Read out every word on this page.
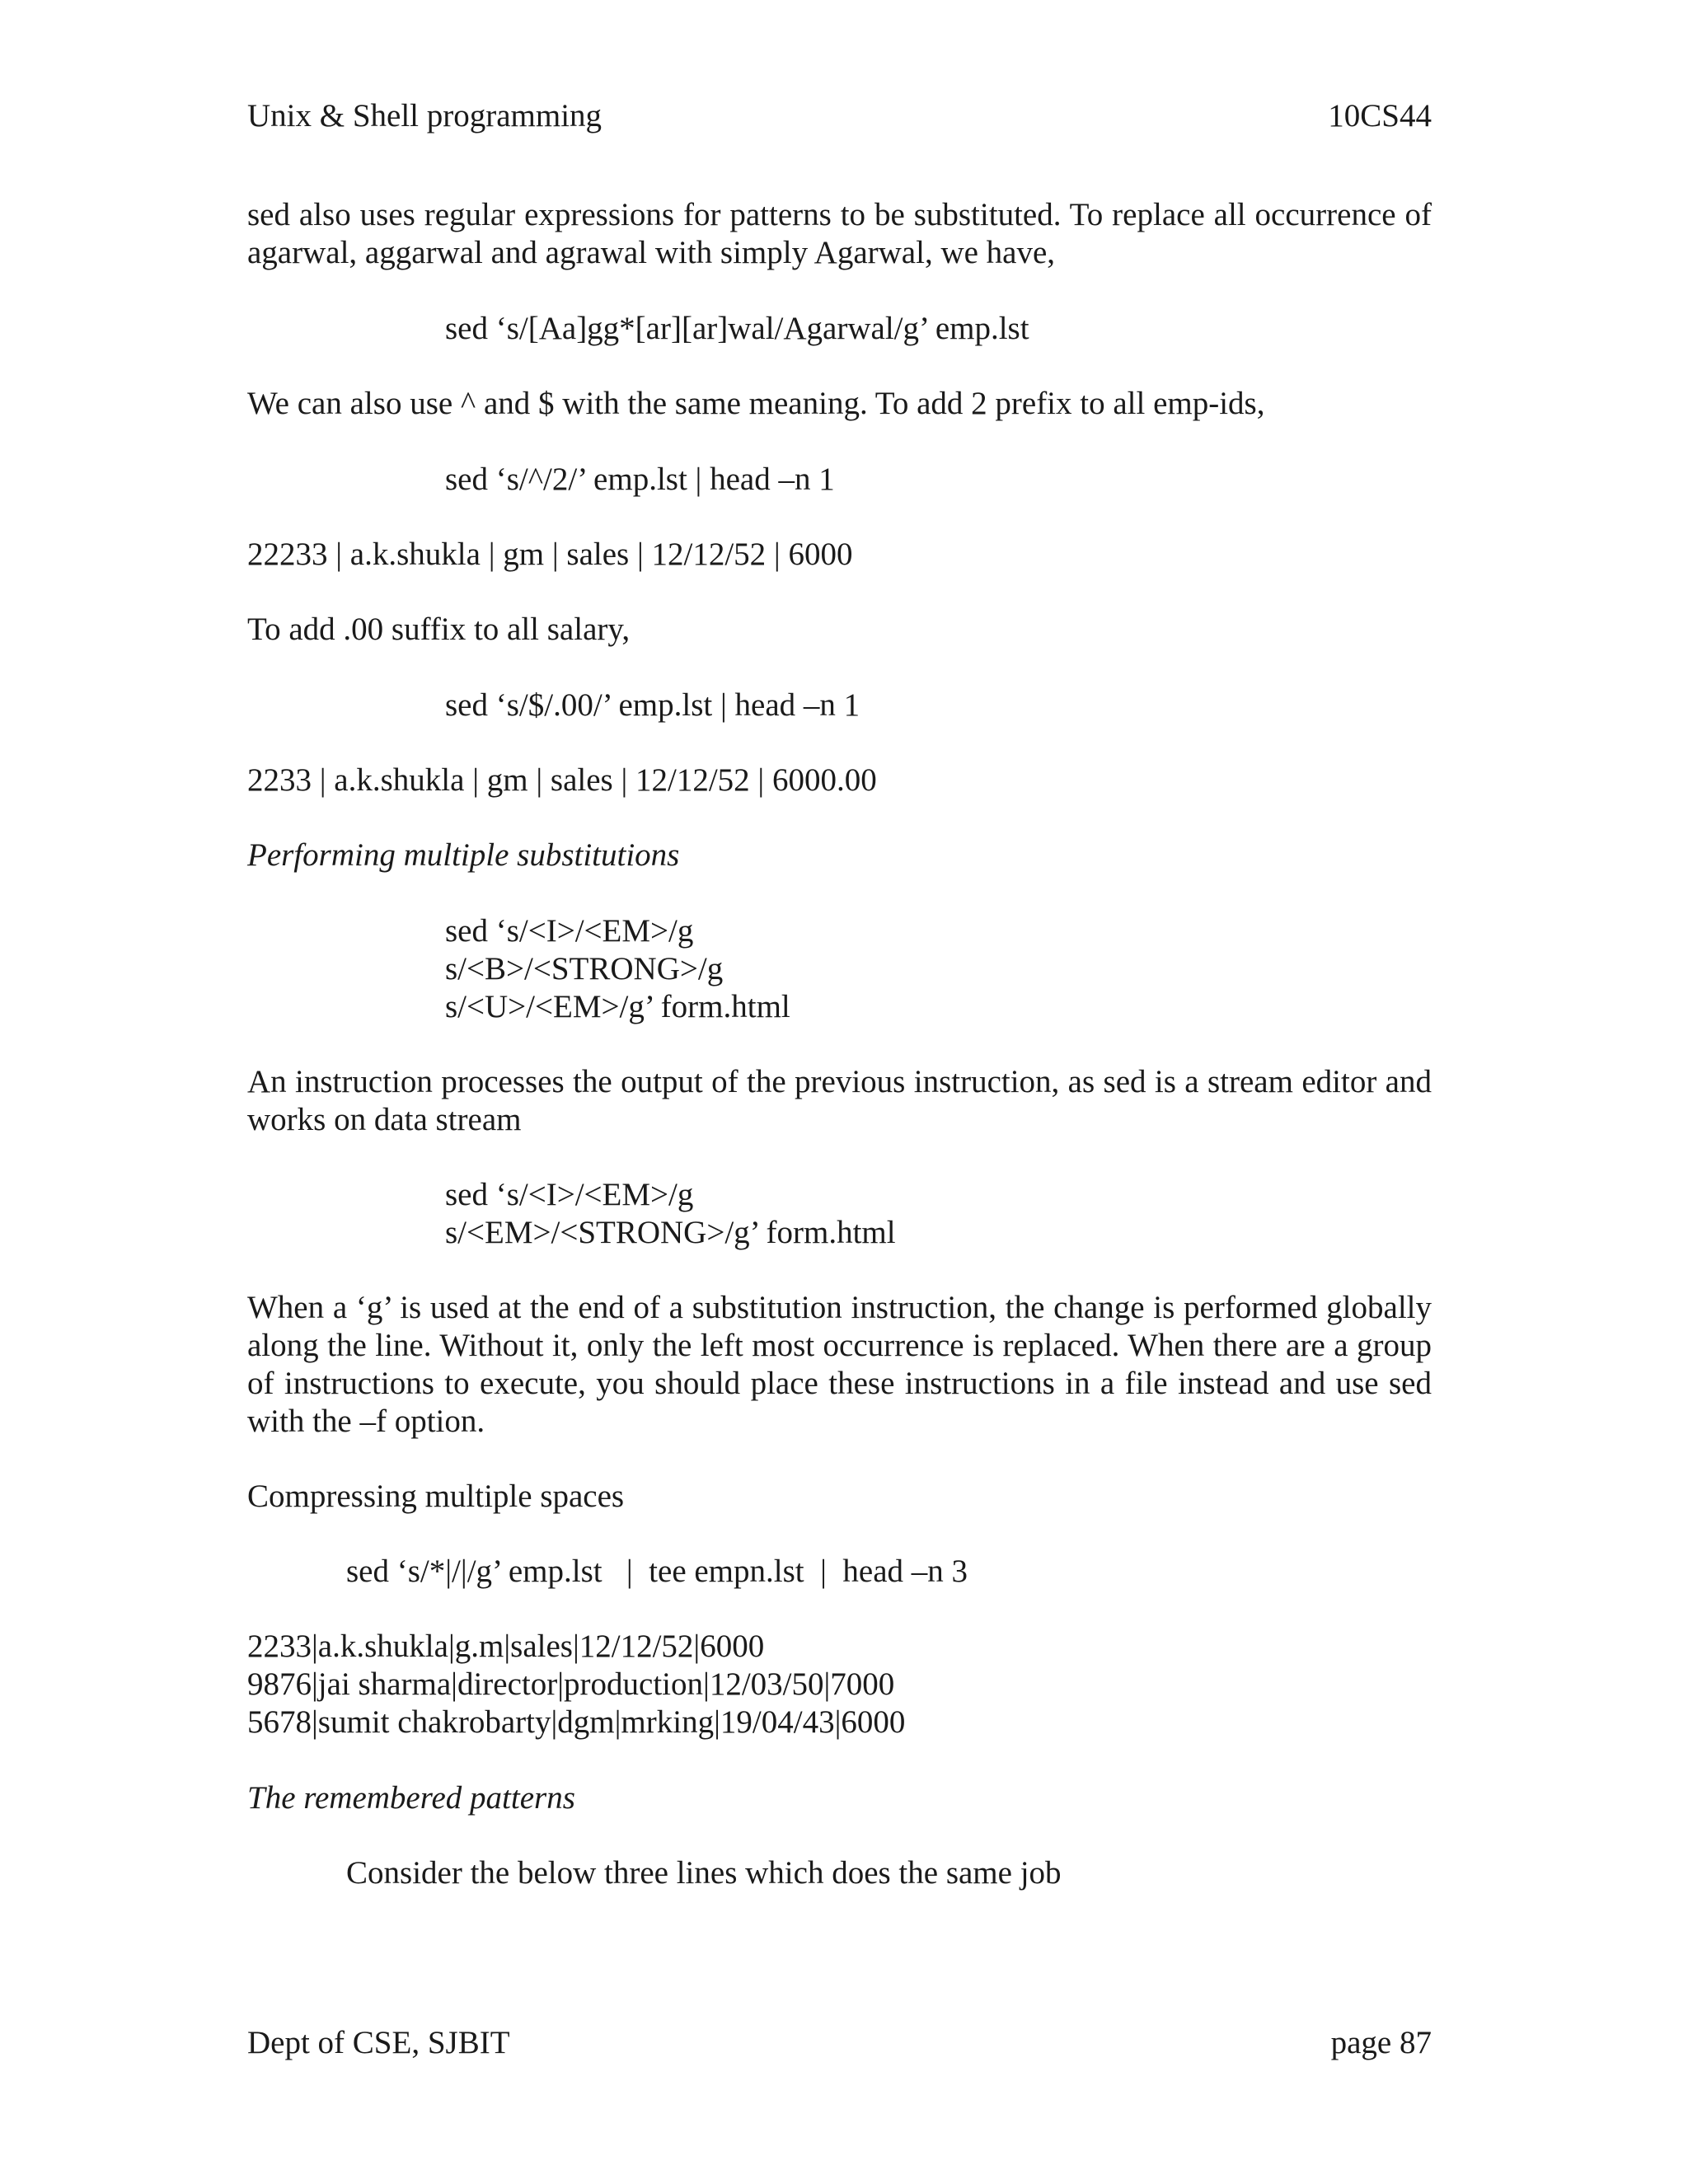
Unix & Shell programming	10CS44
sed also uses regular expressions for patterns to be substituted. To replace all occurrence of agarwal, aggarwal and agrawal with simply Agarwal, we have,
sed ‘s/[Aa]gg*[ar][ar]wal/Agarwal/g’ emp.lst
We can also use ^ and $ with the same meaning. To add 2 prefix to all emp-ids,
sed ‘s/^/2/’ emp.lst | head –n 1
22233 | a.k.shukla | gm | sales | 12/12/52 | 6000
To add .00 suffix to all salary,
sed ‘s/$/.00/’ emp.lst | head –n 1
2233 | a.k.shukla | gm | sales | 12/12/52 | 6000.00
Performing multiple substitutions
sed ‘s/<I>/<EM>/g
s/<B>/<STRONG>/g
s/<U>/<EM>/g’ form.html
An instruction processes the output of the previous instruction, as sed is a stream editor and works on data stream
sed ‘s/<I>/<EM>/g
s/<EM>/<STRONG>/g’ form.html
When a ‘g’ is used at the end of a substitution instruction, the change is performed globally along the line. Without it, only the left most occurrence is replaced. When there are a group of instructions to execute, you should place these instructions in a file instead and use sed with the –f option.
Compressing multiple spaces
sed ‘s/*|/|/g’ emp.lst   |  tee empn.lst  |  head –n 3
2233|a.k.shukla|g.m|sales|12/12/52|6000
9876|jai sharma|director|production|12/03/50|7000
5678|sumit chakrobarty|dgm|mrking|19/04/43|6000
The remembered patterns
Consider the below three lines which does the same job
Dept of CSE, SJBIT	page 87
